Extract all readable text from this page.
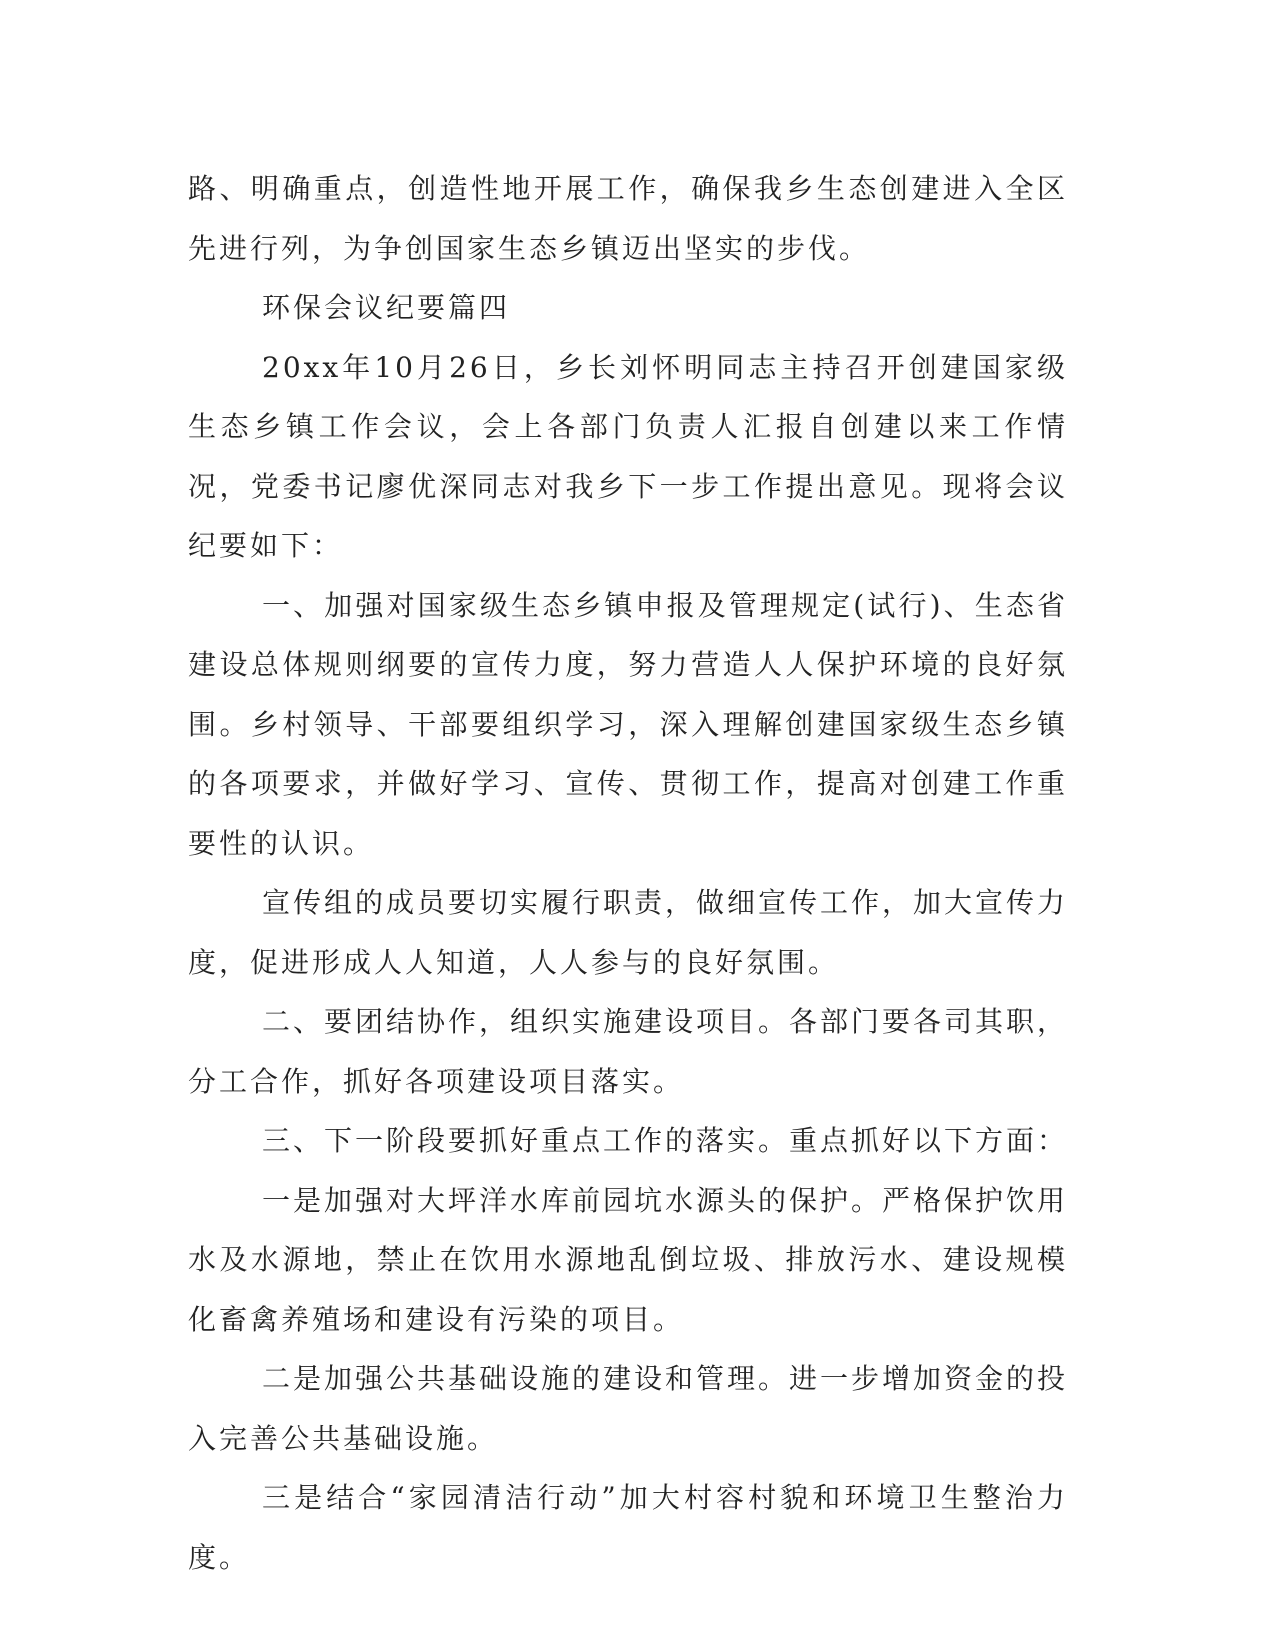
路、明确重点，创造性地开展工作，确保我乡生态创建进入全区先进行列，为争创国家生态乡镇迈出坚实的步伐。

环保会议纪要篇四

20xx年10月26日，乡长刘怀明同志主持召开创建国家级生态乡镇工作会议，会上各部门负责人汇报自创建以来工作情况，党委书记廖优深同志对我乡下一步工作提出意见。现将会议纪要如下：

一、加强对国家级生态乡镇申报及管理规定(试行)、生态省建设总体规则纲要的宣传力度，努力营造人人保护环境的良好氛围。乡村领导、干部要组织学习，深入理解创建国家级生态乡镇的各项要求，并做好学习、宣传、贯彻工作，提高对创建工作重要性的认识。

宣传组的成员要切实履行职责，做细宣传工作，加大宣传力度，促进形成人人知道，人人参与的良好氛围。

二、要团结协作，组织实施建设项目。各部门要各司其职，分工合作，抓好各项建设项目落实。

三、下一阶段要抓好重点工作的落实。重点抓好以下方面：

一是加强对大坪洋水库前园坑水源头的保护。严格保护饮用水及水源地，禁止在饮用水源地乱倒垃圾、排放污水、建设规模化畜禽养殖场和建设有污染的项目。

二是加强公共基础设施的建设和管理。进一步增加资金的投入完善公共基础设施。

三是结合“家园清洁行动”加大村容村貌和环境卫生整治力度。
